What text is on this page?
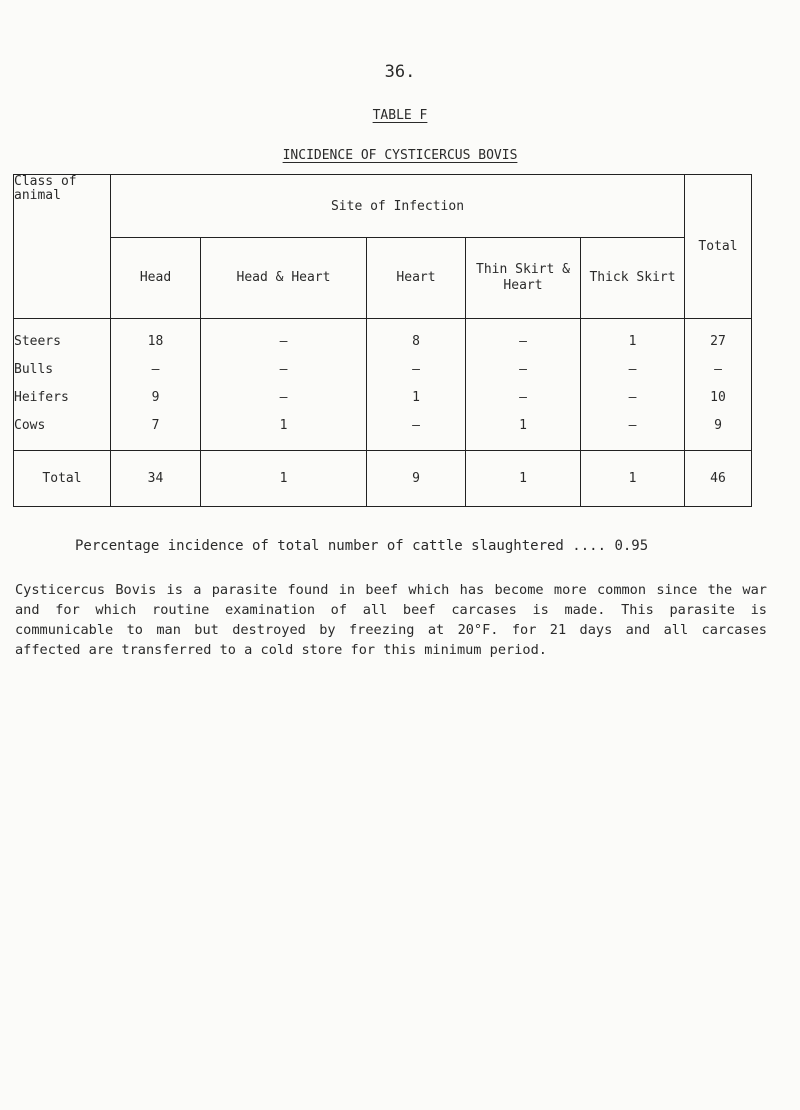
36.
TABLE F
INCIDENCE OF CYSTICERCUS BOVIS
Class of animal	Site of Infection					Total
	Head	Head & Heart	Heart	Thin Skirt & Heart	Thick Skirt	
Steers	18	–	8	–	1	27
Bulls	–	–	–	–	–	–
Heifers	9	–	1	–	–	10
Cows	7	1	–	1	–	9
Total	34	1	9	1	1	46
Percentage incidence of total number of cattle slaughtered .... 0.95
Cysticercus Bovis is a parasite found in beef which has become more common since the war and for which routine examination of all beef carcases is made. This parasite is communicable to man but destroyed by freezing at 20°F. for 21 days and all carcases affected are transferred to a cold store for this minimum period.
